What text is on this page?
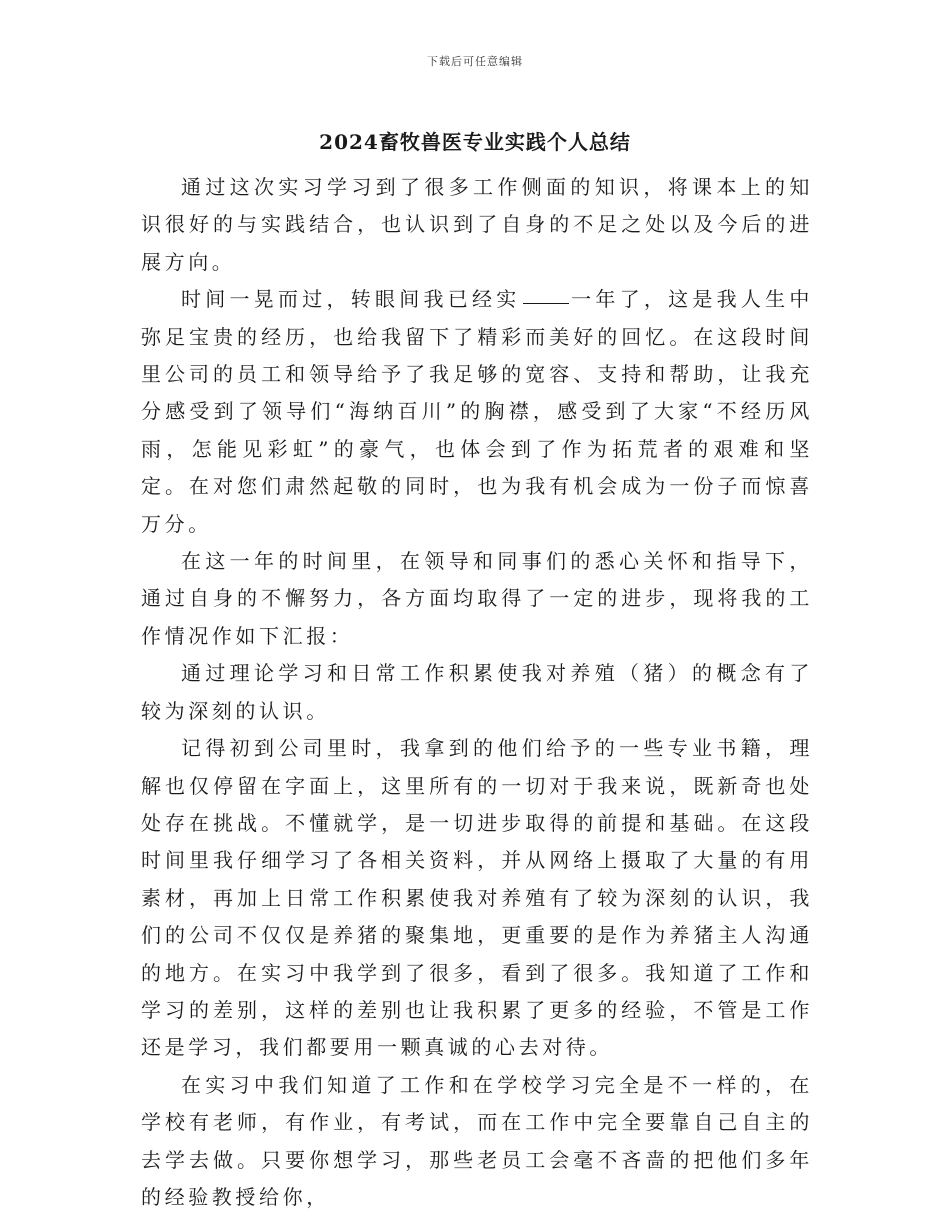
下载后可任意编辑
2024畜牧兽医专业实践个人总结

通过这次实习学习到了很多工作侧面的知识，将课本上的知识很好的与实践结合，也认识到了自身的不足之处以及今后的进展方向。

时间一晃而过，转眼间我已经实	一年了，这是我人生中弥足宝贵的经历，也给我留下了精彩而美好的回忆。在这段时间里公司的员工和领导给予了我足够的宽容、支持和帮助，让我充分感受到了领导们“海纳百川”的胸襟，感受到了大家“不经历风雨，怎能见彩虹”的豪气，也体会到了作为拓荒者的艰难和坚定。在对您们肃然起敬的同时，也为我有机会成为一份子而惊喜万分。

在这一年的时间里，在领导和同事们的悉心关怀和指导下，通过自身的不懈努力，各方面均取得了一定的进步，现将我的工作情况作如下汇报：

通过理论学习和日常工作积累使我对养殖（猪）的概念有了较为深刻的认识。

记得初到公司里时，我拿到的他们给予的一些专业书籍，理解也仅停留在字面上，这里所有的一切对于我来说，既新奇也处处存在挑战。不懂就学，是一切进步取得的前提和基础。在这段时间里我仔细学习了各相关资料，并从网络上摄取了大量的有用素材，再加上日常工作积累使我对养殖有了较为深刻的认识，我们的公司不仅仅是养猪的聚集地，更重要的是作为养猪主人沟通的地方。在实习中我学到了很多，看到了很多。我知道了工作和学习的差别，这样的差别也让我积累了更多的经验，不管是工作还是学习，我们都要用一颗真诚的心去对待。

在实习中我们知道了工作和在学校学习完全是不一样的，在学校有老师，有作业，有考试，而在工作中完全要靠自己自主的去学去做。只要你想学习，那些老员工会毫不吝啬的把他们多年的经验教授给你，
